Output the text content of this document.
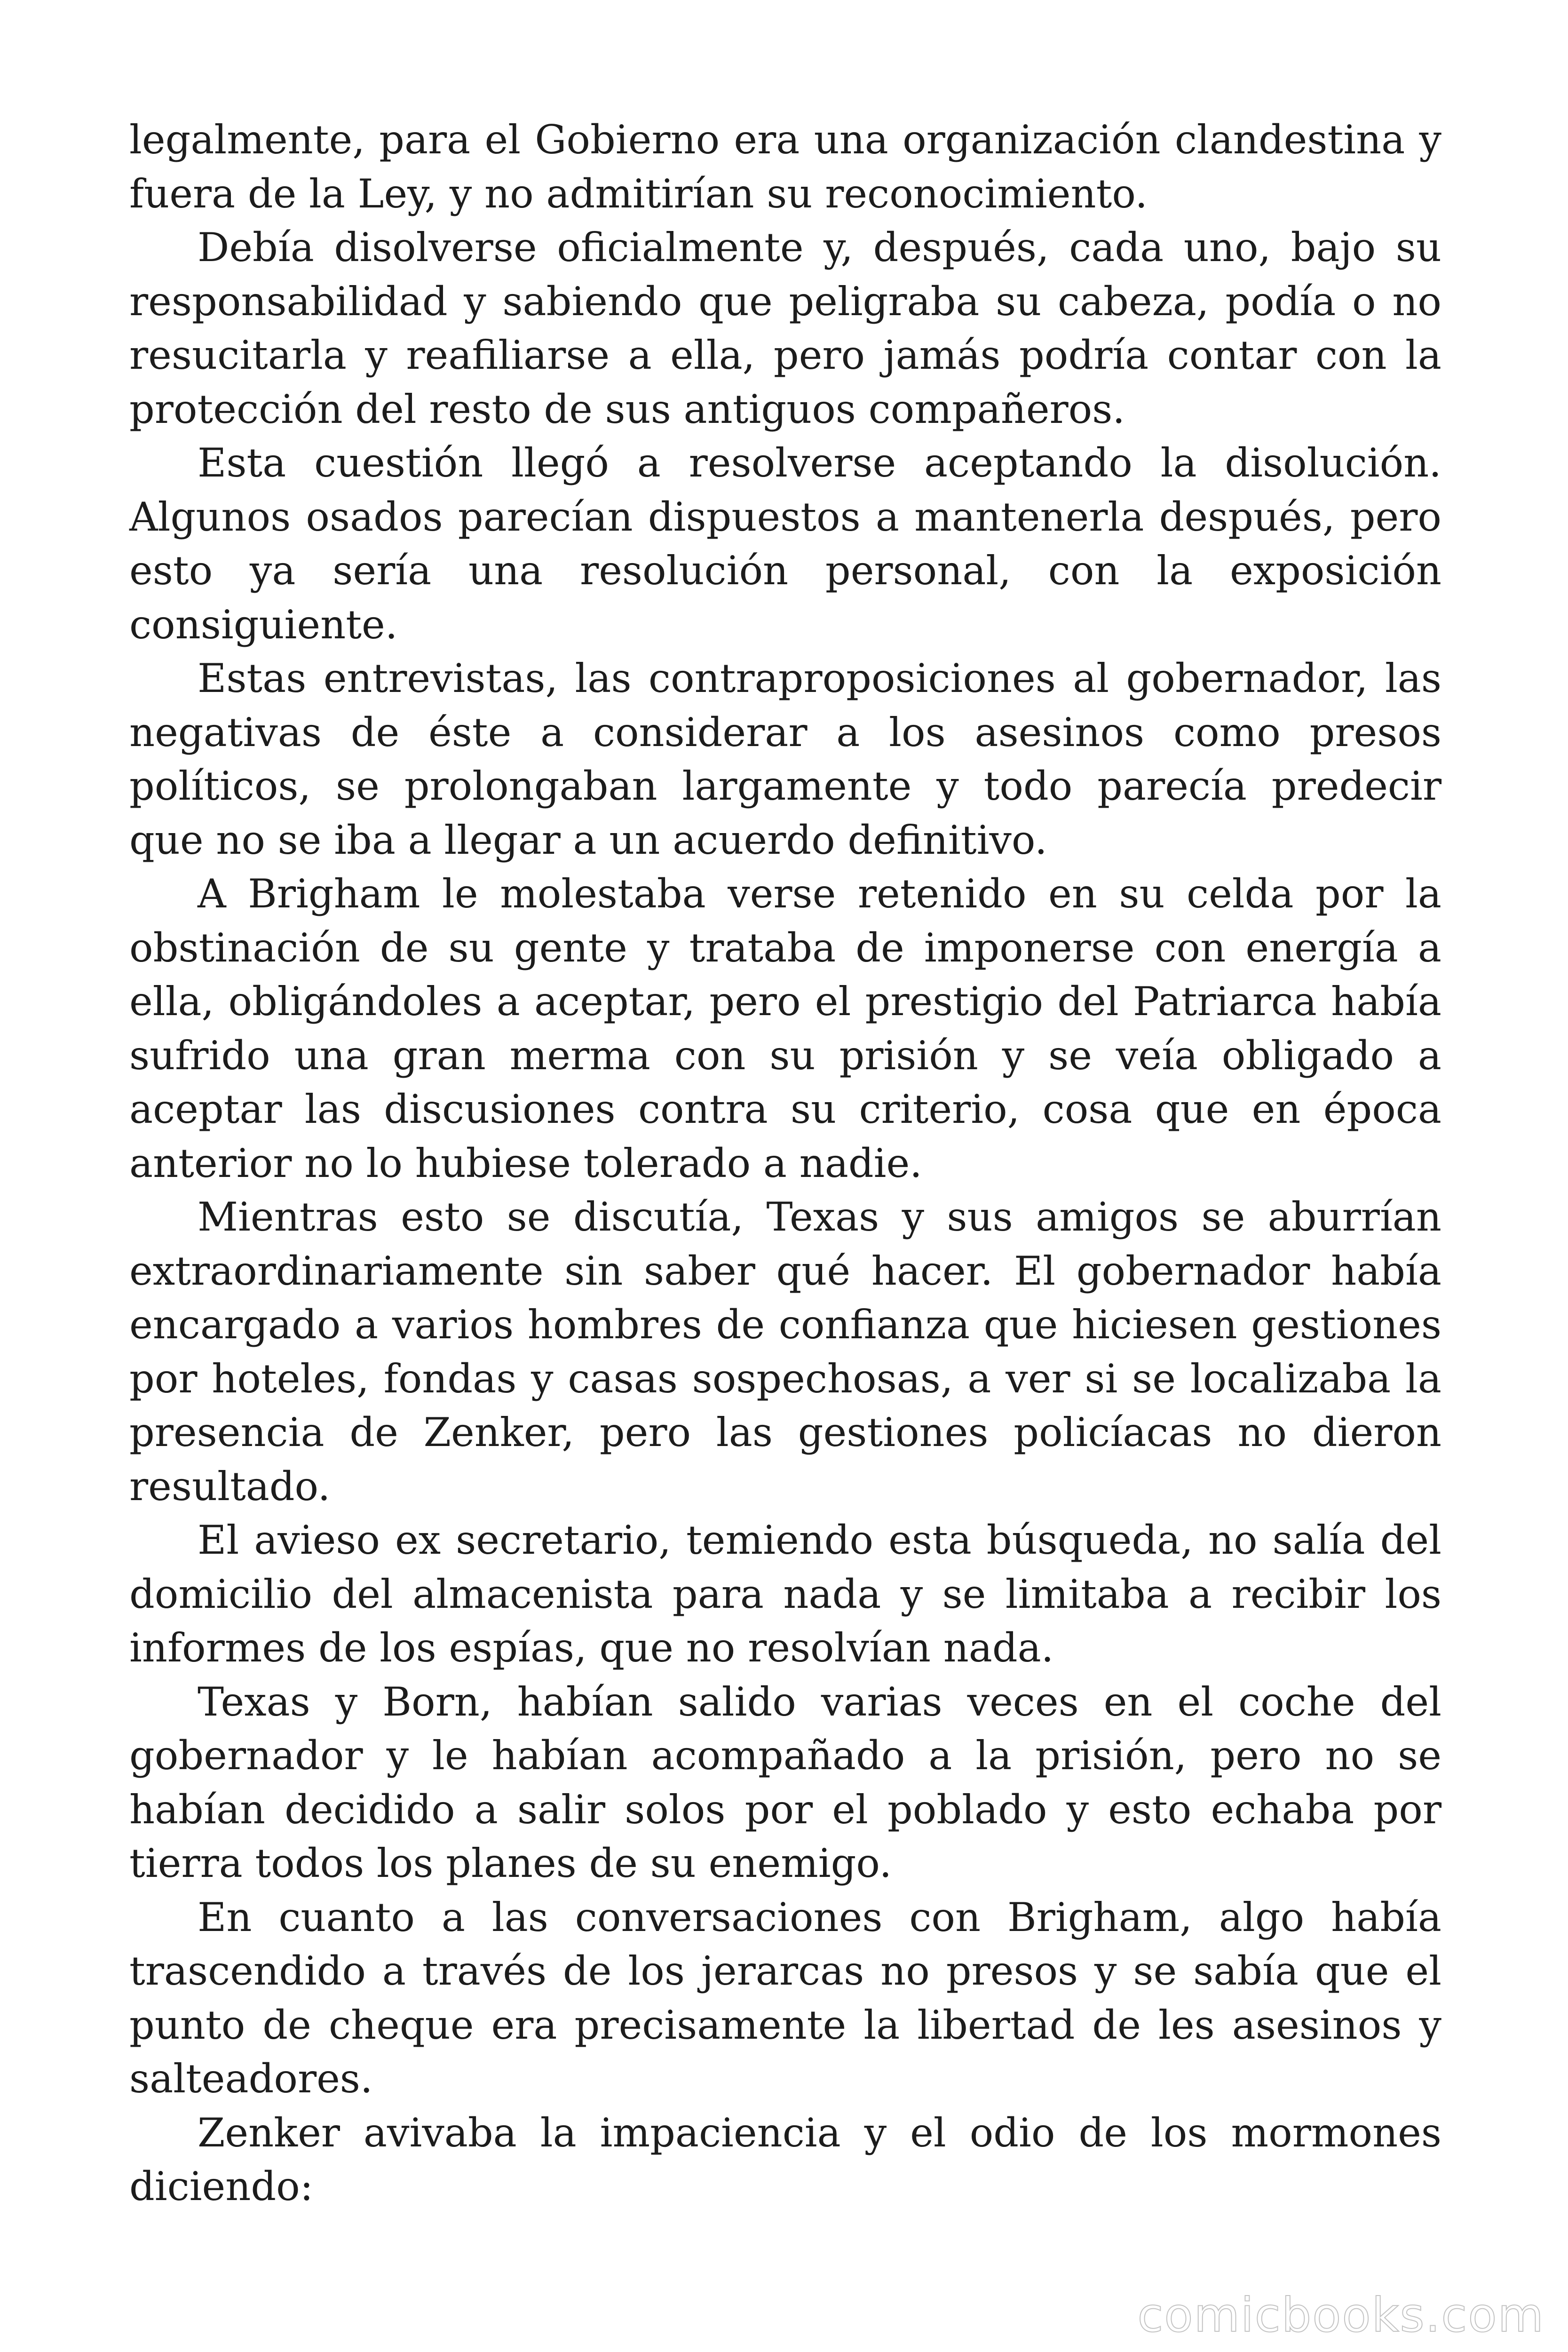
legalmente, para el Gobierno era una organización clandestina y fuera de la Ley, y no admitirían su reconocimiento.

Debía disolverse oficialmente y, después, cada uno, bajo su responsabilidad y sabiendo que peligraba su cabeza, podía o no resucitarla y reafiliarse a ella, pero jamás podría contar con la protección del resto de sus antiguos compañeros.

Esta cuestión llegó a resolverse aceptando la disolución. Algunos osados parecían dispuestos a mantenerla después, pero esto ya sería una resolución personal, con la exposición consiguiente.

Estas entrevistas, las contraproposiciones al gobernador, las negativas de éste a considerar a los asesinos como presos políticos, se prolongaban largamente y todo parecía predecir que no se iba a llegar a un acuerdo definitivo.

A Brigham le molestaba verse retenido en su celda por la obstinación de su gente y trataba de imponerse con energía a ella, obligándoles a aceptar, pero el prestigio del Patriarca había sufrido una gran merma con su prisión y se veía obligado a aceptar las discusiones contra su criterio, cosa que en época anterior no lo hubiese tolerado a nadie.

Mientras esto se discutía, Texas y sus amigos se aburrían extraordinariamente sin saber qué hacer. El gobernador había encargado a varios hombres de confianza que hiciesen gestiones por hoteles, fondas y casas sospechosas, a ver si se localizaba la presencia de Zenker, pero las gestiones policíacas no dieron resultado.

El avieso ex secretario, temiendo esta búsqueda, no salía del domicilio del almacenista para nada y se limitaba a recibir los informes de los espías, que no resolvían nada.

Texas y Born, habían salido varias veces en el coche del gobernador y le habían acompañado a la prisión, pero no se habían decidido a salir solos por el poblado y esto echaba por tierra todos los planes de su enemigo.

En cuanto a las conversaciones con Brigham, algo había trascendido a través de los jerarcas no presos y se sabía que el punto de cheque era precisamente la libertad de les asesinos y salteadores.

Zenker avivaba la impaciencia y el odio de los mormones diciendo:

comicbooks.com
